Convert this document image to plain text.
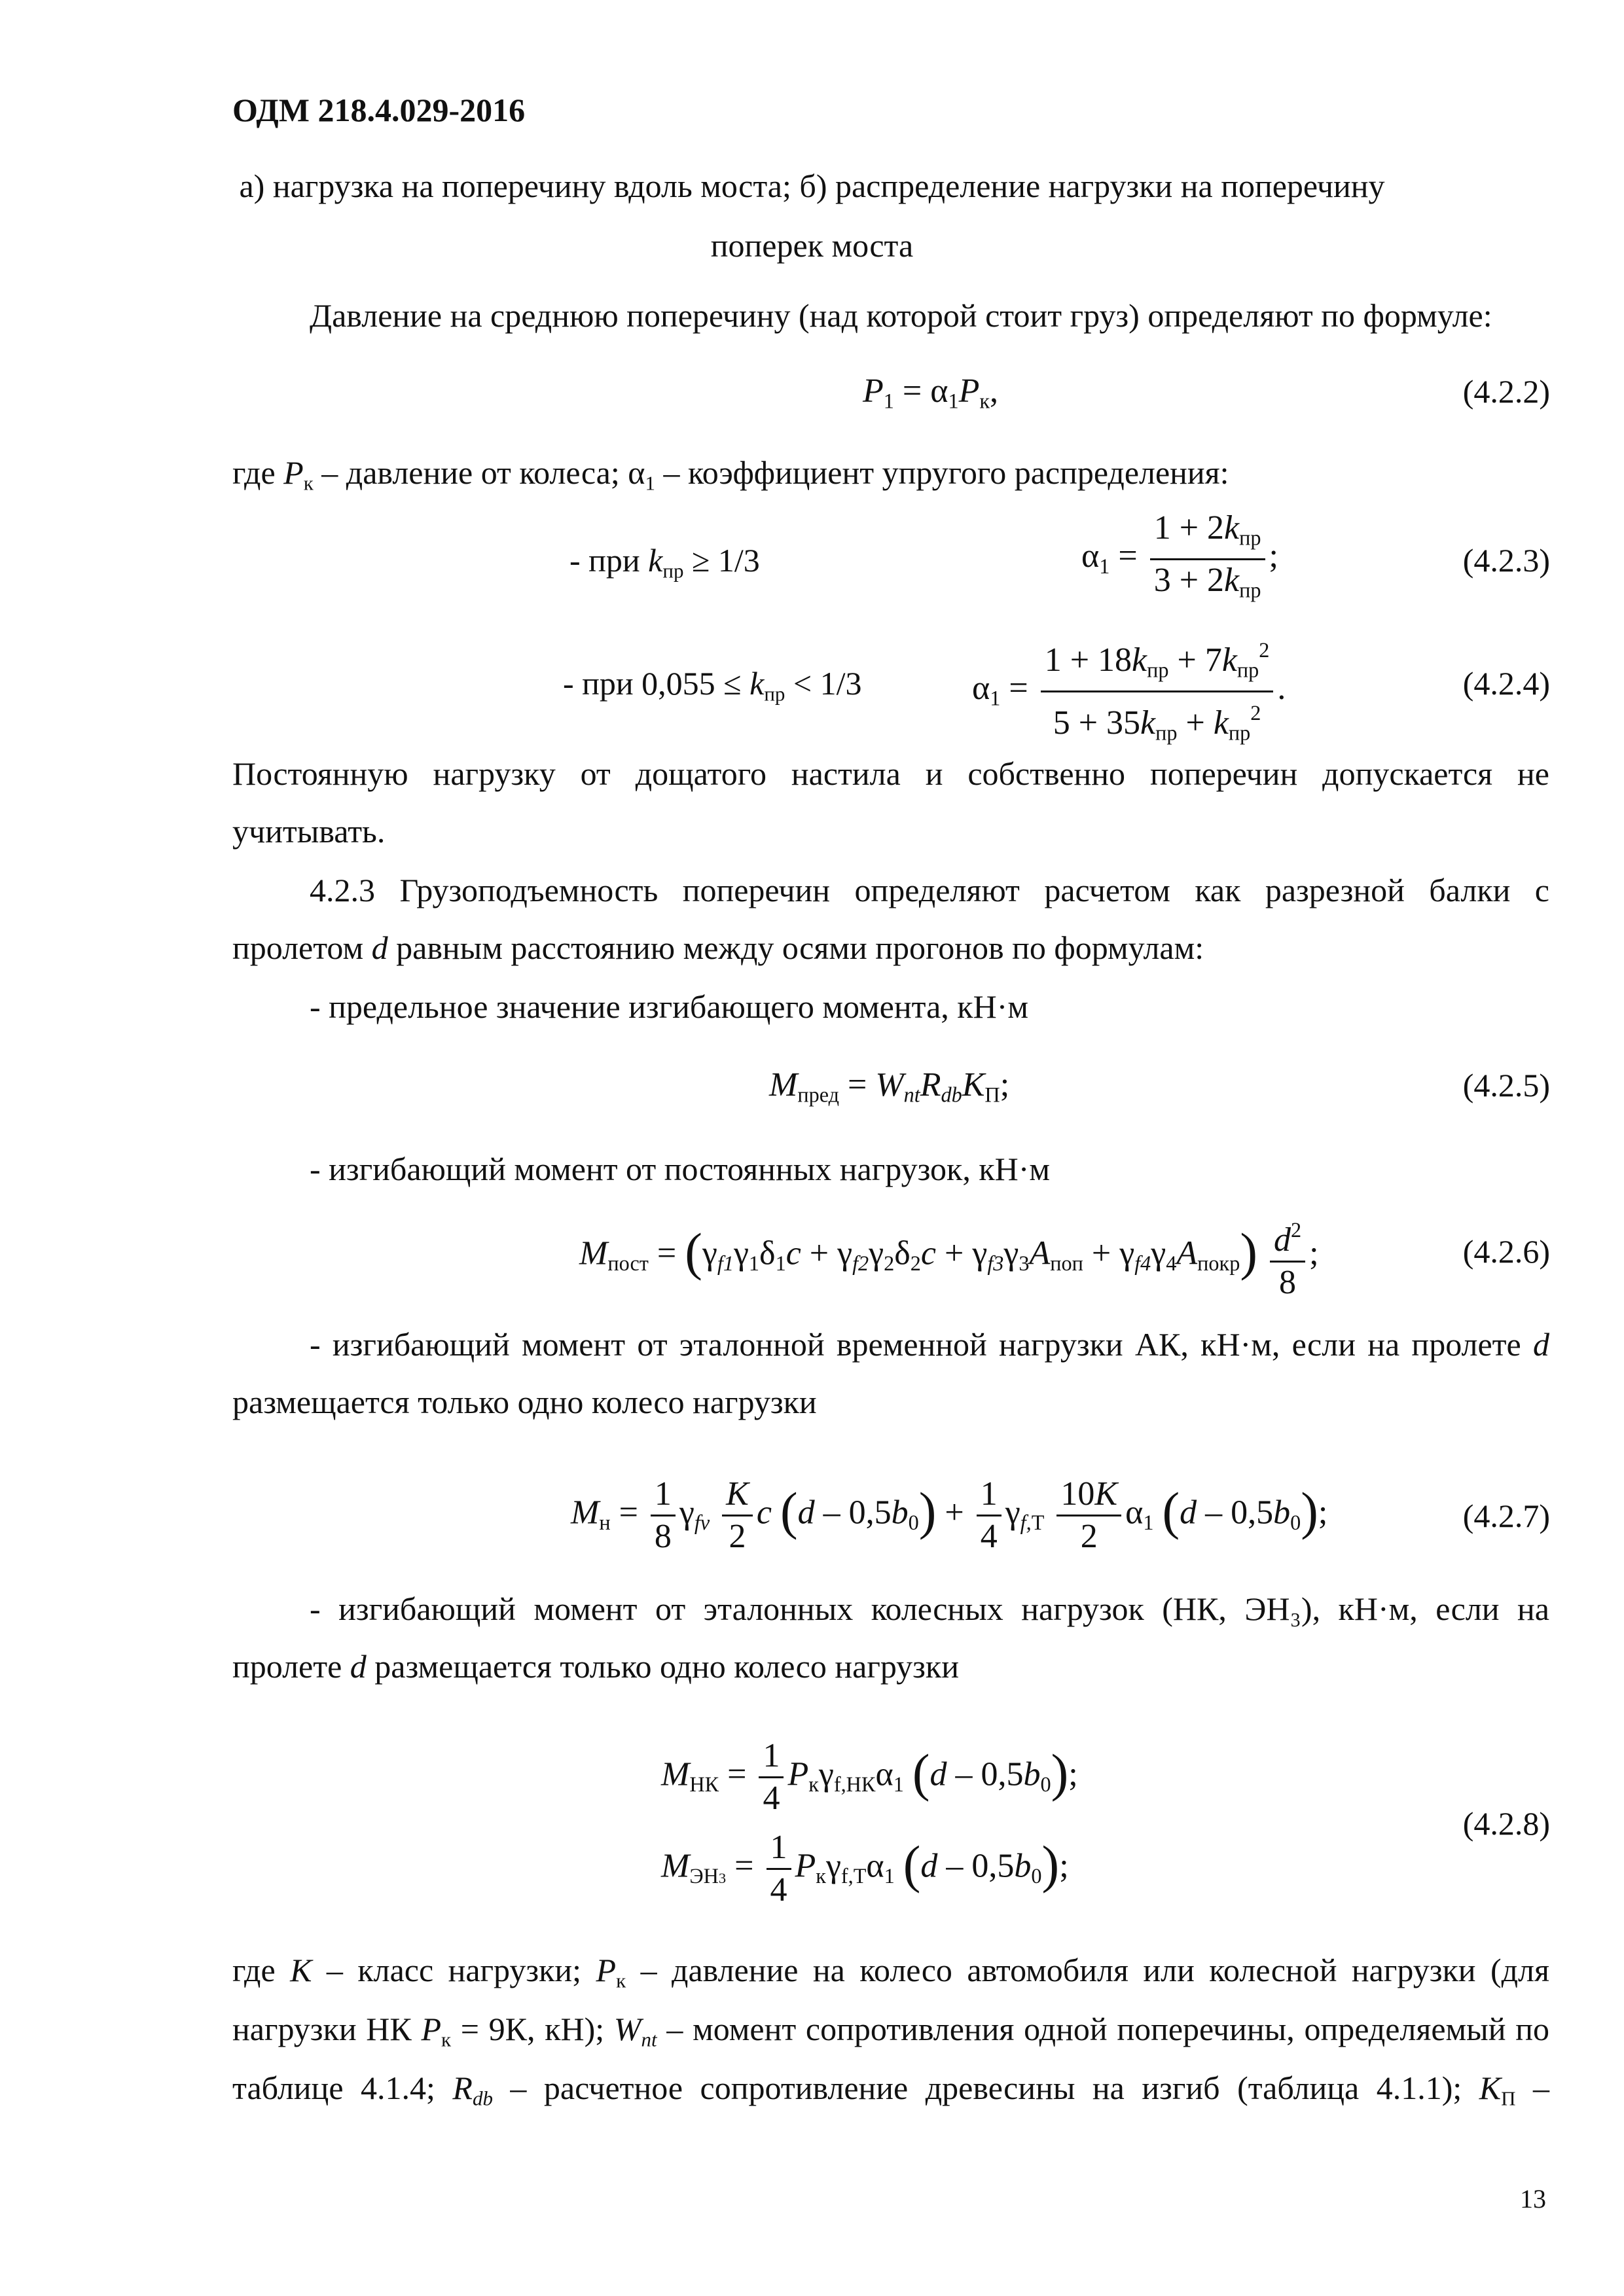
ОДМ 218.4.029-2016
а) нагрузка на поперечину вдоль моста; б) распределение нагрузки на поперечину
поперек моста
Давление на среднюю поперечину (над которой стоит груз) определяют по формуле:
$P_1 = \alpha_1P_к$,	(4.2.2)
где $P_к$ – давление от колеса; $\alpha_1$ – коэффициент упругого распределения:
- при $k_{пр} \ge 1/3$	$\alpha_1 = \frac{1 + 2k_{пр}}{3 + 2k_{пр}}$ ;	(4.2.3)
- при $0,055 \le k_{пр} < 1/3$	$\alpha_1 = \frac{1 + 18k_{пр} + 7k_{пр}^2}{5 + 35k_{пр} + k_{пр}^2}$ .	(4.2.4)
Постоянную нагрузку от дощатого настила и собственно поперечин допускается не
учитывать.
4.2.3 Грузоподъемность поперечин определяют расчетом как разрезной балки с
пролетом d равным расстоянию между осями прогонов по формулам:
- предельное значение изгибающего момента, кН·м
$M_{пред}$ = WntRdbK$_П$;	(4.2.5)
- изгибающий момент от постоянных нагрузок, кН·м
$M_{пост} = (\gamma f1\gamma_1\delta_1c + \gamma f2\gamma_2\delta_2c + \gamma f3\gamma_3A_{поп} + \gamma f4\gamma_4A_{покр}) \frac{d^2}{8}$ ;	(4.2.6)
- изгибающий момент от эталонной временной нагрузки АК, кН·м, если на пролете d
размещается только одно колесо нагрузки
$M_н = \frac{1}{8}$ γfv $\frac{K}{2}$ c $(d - 0,5b_0) + \frac{1}{4} \gamma f,_Т \frac{10K}{2} \alpha_1$ $(d - 0,5b_0)$;	(4.2.7)
- изгибающий момент от эталонных колесных нагрузок (НК, ЭН₃), кН·м, если на
пролете d размещается только одно колесо нагрузки
$M_{НК} = \frac{1}{4} P_к\gamma_{f,НК}\alpha_1$ $(d - 0,5b_0)$;
$M_{ЭН3} = \frac{1}{4} P_к\gamma_{f,Т}\alpha_1$ $(d - 0,5b_0)$;
(4.2.8)
где K – класс нагрузки; $P_к$ – давление на колесо автомобиля или колесной нагрузки (для
нагрузки НК $P_к = 9К$, кН); Wnt – момент сопротивления одной поперечины, определяемый по
таблице 4.1.4; Rdb – расчетное сопротивление древесины на изгиб (таблица 4.1.1); $K_П$ –
13
